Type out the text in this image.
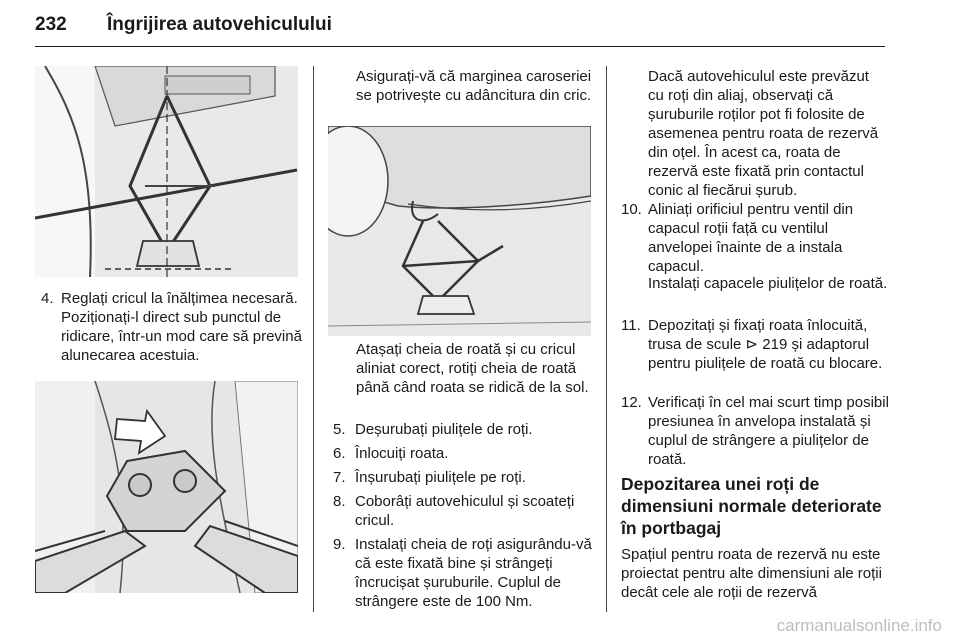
232 Îngrijirea autovehiculului
4. Reglați cricul la înălțimea necesară. Poziționați-l direct sub punctul de ridicare, într-un mod care să prevină alunecarea acestuia.
Asigurați-vă că marginea caroseriei se potrivește cu adâncitura din cric.
Atașați cheia de roată și cu cricul aliniat corect, rotiți cheia de roată până când roata se ridică de la sol.
5. Deșurubați piulițele de roți.
6. Înlocuiți roata.
7. Înșurubați piulițele pe roți.
8. Coborâți autovehiculul și scoateți cricul.
9. Instalați cheia de roți asigurându-vă că este fixată bine și strângeți încrucișat șuruburile. Cuplul de strângere este de 100 Nm.
Dacă autovehiculul este prevăzut cu roți din aliaj, observați că șuruburile roților pot fi folosite de asemenea pentru roata de rezervă din oțel. În acest ca, roata de rezervă este fixată prin contactul conic al fiecărui șurub.
10. Aliniați orificiul pentru ventil din capacul roții față cu ventilul anvelopei înainte de a instala capacul.
Instalați capacele piulițelor de roată.
11. Depozitați și fixați roata înlocuită, trusa de scule ⊳ 219 și adaptorul pentru piulițele de roată cu blocare.
12. Verificați în cel mai scurt timp posibil presiunea în anvelopa instalată și cuplul de strângere a piulițelor de roată.
Depozitarea unei roți de dimensiuni normale deteriorate în portbagaj
Spațiul pentru roata de rezervă nu este proiectat pentru alte dimensiuni ale roții decât cele ale roții de rezervă
carmanualsonline.info
